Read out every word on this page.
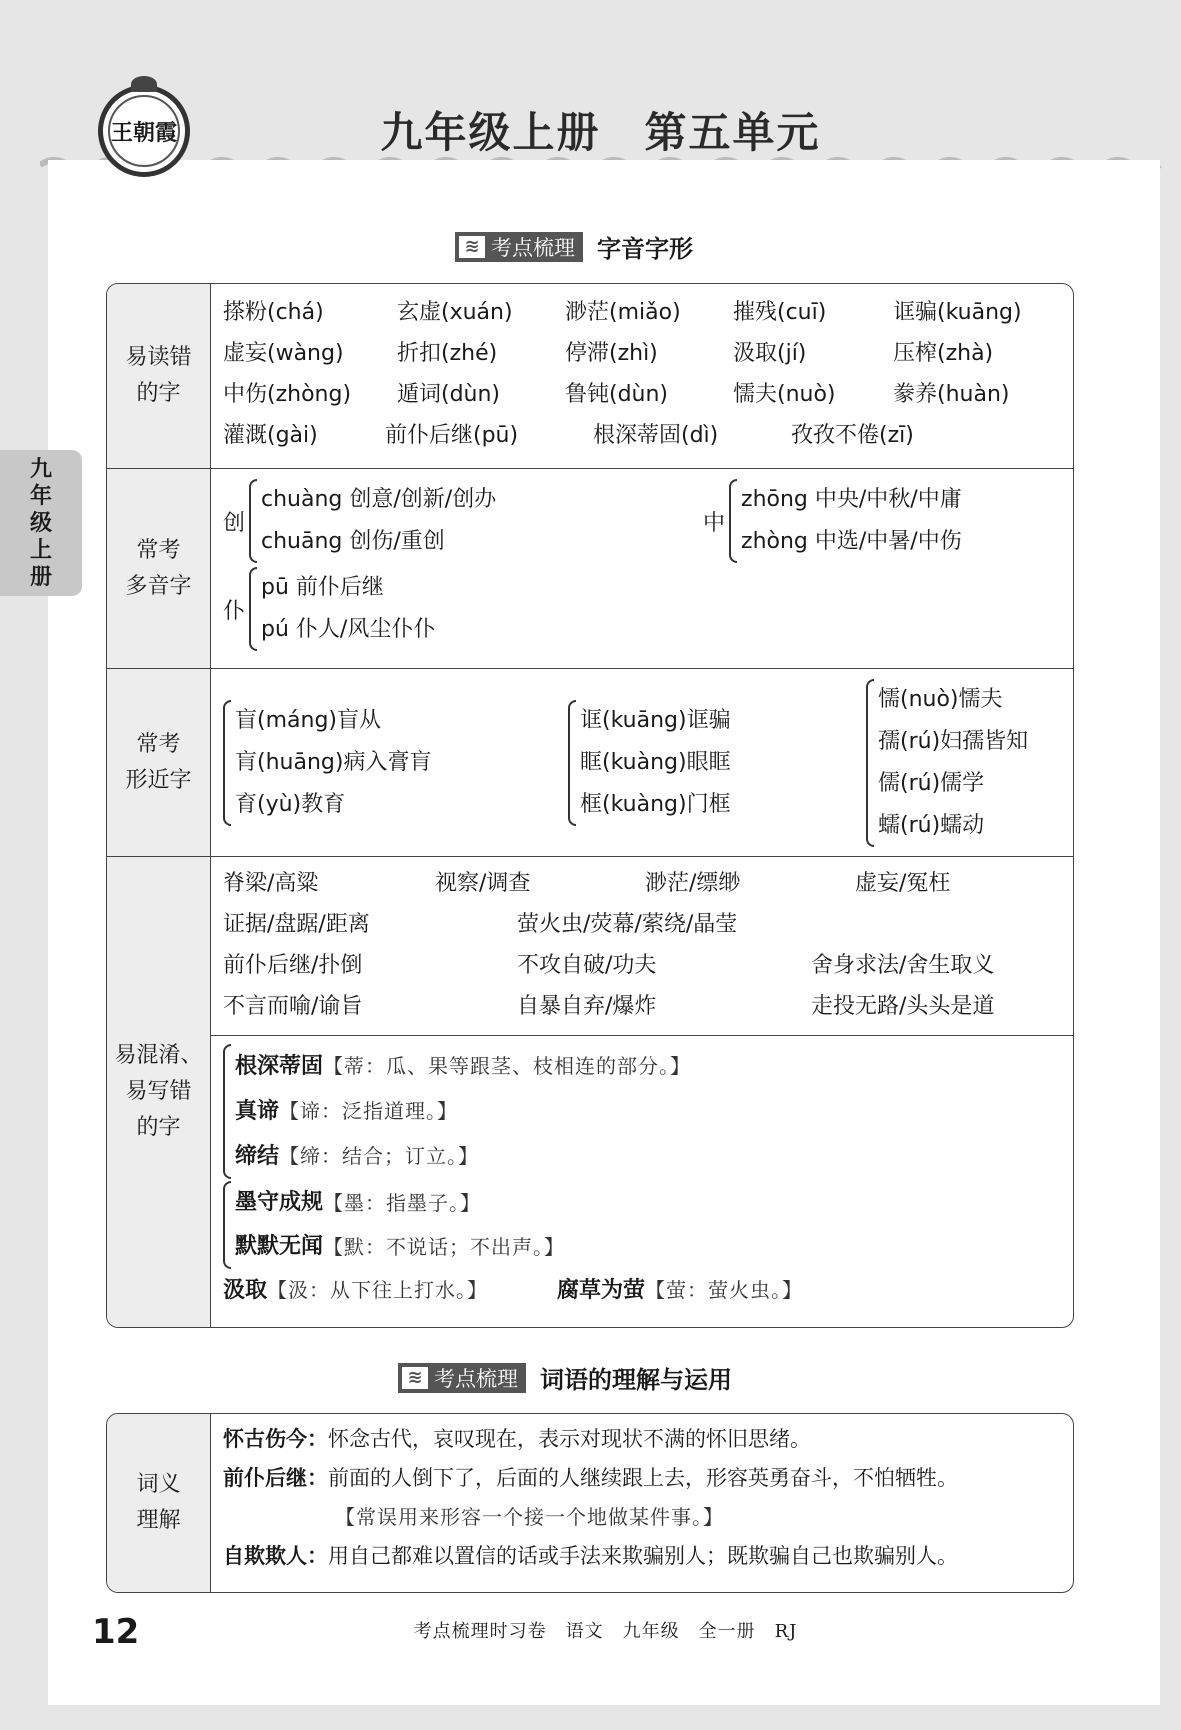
王朝霞	九年级上册　第五单元
九
年
级
上
册
≋ 考点梳理 字音字形
易读错
的字
搽粉(chá)	玄虚(xuán)	渺茫(miǎo)	摧残(cuī)	诓骗(kuāng)
虚妄(wàng)	折扣(zhé)	停滞(zhì)	汲取(jí)	压榨(zhà)
中伤(zhòng)	遁词(dùn)	鲁钝(dùn)	懦夫(nuò)	豢养(huàn)
灌溉(gài)	前仆后继(pū)	根深蒂固(dì)	孜孜不倦(zī)
常考
多音字
创
chuàng 创意/创新/创办
chuāng 创伤/重创
中
zhōng 中央/中秋/中庸
zhòng 中选/中暑/中伤
仆
pū 前仆后继
pú 仆人/风尘仆仆
常考
形近字
盲(máng)盲从
肓(huāng)病入膏肓
育(yù)教育
诓(kuāng)诓骗
眶(kuàng)眼眶
框(kuàng)门框
懦(nuò)懦夫
孺(rú)妇孺皆知
儒(rú)儒学
蠕(rú)蠕动
易混淆、
易写错
的字
脊梁/高粱	视察/调查	渺茫/缥缈	虚妄/冤枉
证据/盘踞/距离	萤火虫/荧幕/萦绕/晶莹
前仆后继/扑倒	不攻自破/功夫	舍身求法/舍生取义
不言而喻/谕旨	自暴自弃/爆炸	走投无路/头头是道
根深蒂固 【蒂：瓜、果等跟茎、枝相连的部分。】
真谛 【谛：泛指道理。】
缔结 【缔：结合；订立。】
墨守成规 【墨：指墨子。】
默默无闻 【默：不说话；不出声。】
汲取【汲：从下往上打水。】	腐草为萤【萤：萤火虫。】
≋ 考点梳理 词语的理解与运用
词义
理解
怀古伤今： 怀念古代，哀叹现在，表示对现状不满的怀旧思绪。
前仆后继： 前面的人倒下了，后面的人继续跟上去，形容英勇奋斗，不怕牺牲。
【常误用来形容一个接一个地做某件事。】
自欺欺人： 用自己都难以置信的话或手法来欺骗别人；既欺骗自己也欺骗别人。
12	考点梳理时习卷　语文　九年级　全一册　RJ
